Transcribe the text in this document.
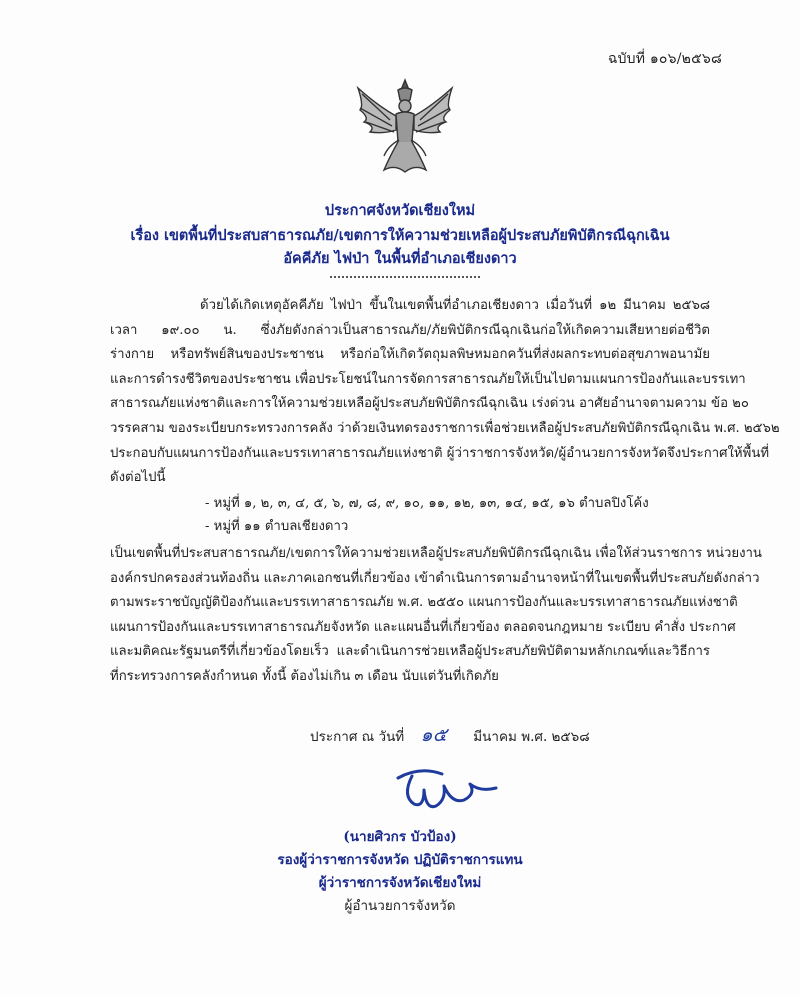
ฉบับที่ ๑๐๖/๒๕๖๘
ประกาศจังหวัดเชียงใหม่
เรื่อง เขตพื้นที่ประสบสาธารณภัย/เขตการให้ความช่วยเหลือผู้ประสบภัยพิบัติกรณีฉุกเฉิน
อัคคีภัย ไฟป่า ในพื้นที่อำเภอเชียงดาว
ด้วยได้เกิดเหตุอัคคีภัย ไฟป่า ขึ้นในเขตพื้นที่อำเภอเชียงดาว เมื่อวันที่ ๑๒ มีนาคม ๒๕๖๘
เวลา ๑๙.๐๐ น. ซึ่งภัยดังกล่าวเป็นสาธารณภัย/ภัยพิบัติกรณีฉุกเฉินก่อให้เกิดความเสียหายต่อชีวิต
ร่างกาย หรือทรัพย์สินของประชาชน หรือก่อให้เกิดวัตถุมลพิษหมอกควันที่ส่งผลกระทบต่อสุขภาพอนามัย
และการดำรงชีวิตของประชาชน เพื่อประโยชน์ในการจัดการสาธารณภัยให้เป็นไปตามแผนการป้องกันและบรรเทา
สาธารณภัยแห่งชาติและการให้ความช่วยเหลือผู้ประสบภัยพิบัติกรณีฉุกเฉิน เร่งด่วน อาศัยอำนาจตามความ ข้อ ๒๐
วรรคสาม ของระเบียบกระทรวงการคลัง ว่าด้วยเงินทดรองราชการเพื่อช่วยเหลือผู้ประสบภัยพิบัติกรณีฉุกเฉิน พ.ศ. ๒๕๖๒
ประกอบกับแผนการป้องกันและบรรเทาสาธารณภัยแห่งชาติ ผู้ว่าราชการจังหวัด/ผู้อำนวยการจังหวัดจึงประกาศให้พื้นที่
ดังต่อไปนี้
- หมู่ที่ ๑, ๒, ๓, ๔, ๕, ๖, ๗, ๘, ๙, ๑๐, ๑๑, ๑๒, ๑๓, ๑๔, ๑๕, ๑๖ ตำบลปิงโค้ง
- หมู่ที่ ๑๑ ตำบลเชียงดาว
เป็นเขตพื้นที่ประสบสาธารณภัย/เขตการให้ความช่วยเหลือผู้ประสบภัยพิบัติกรณีฉุกเฉิน เพื่อให้ส่วนราชการ หน่วยงาน
องค์กรปกครองส่วนท้องถิ่น และภาคเอกชนที่เกี่ยวข้อง เข้าดำเนินการตามอำนาจหน้าที่ในเขตพื้นที่ประสบภัยดังกล่าว
ตามพระราชบัญญัติป้องกันและบรรเทาสาธารณภัย พ.ศ. ๒๕๕๐ แผนการป้องกันและบรรเทาสาธารณภัยแห่งชาติ
แผนการป้องกันและบรรเทาสาธารณภัยจังหวัด และแผนอื่นที่เกี่ยวข้อง ตลอดจนกฎหมาย ระเบียบ คำสั่ง ประกาศ
และมติคณะรัฐมนตรีที่เกี่ยวข้องโดยเร็ว และดำเนินการช่วยเหลือผู้ประสบภัยพิบัติตามหลักเกณฑ์และวิธีการ
ที่กระทรวงการคลังกำหนด ทั้งนี้ ต้องไม่เกิน ๓ เดือน นับแต่วันที่เกิดภัย
ประกาศ ณ วันที่ ๑๕ มีนาคม พ.ศ. ๒๕๖๘
(นายศิวกร บัวป้อง)
รองผู้ว่าราชการจังหวัด ปฏิบัติราชการแทน
ผู้ว่าราชการจังหวัดเชียงใหม่
ผู้อำนวยการจังหวัด
